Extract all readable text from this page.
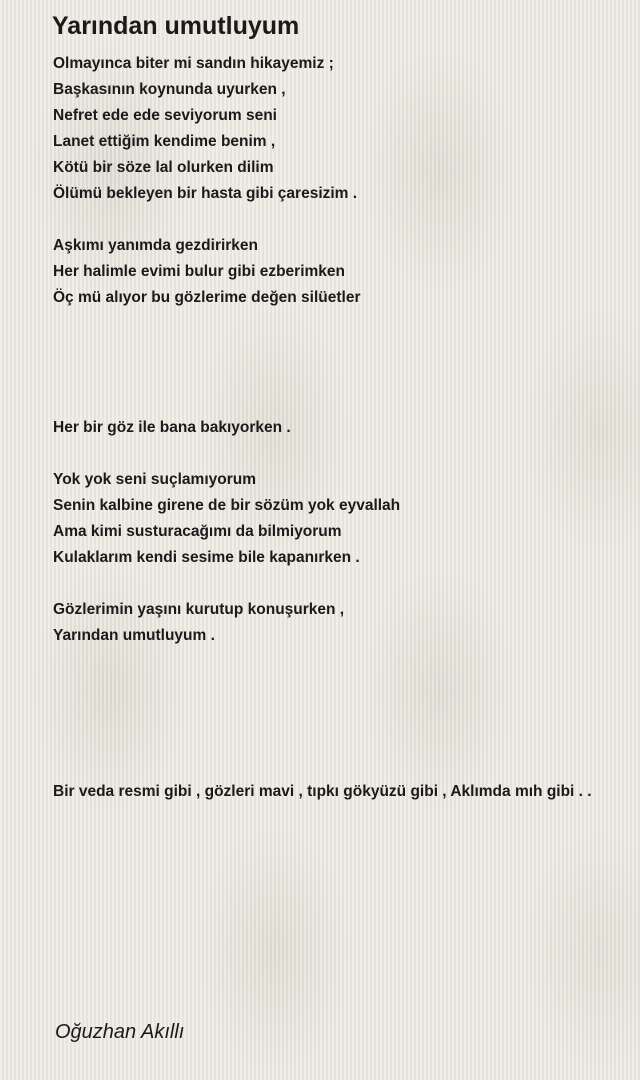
Yarından umutluyum
Olmayınca biter mi sandın hikayemiz ;
Başkasının koynunda uyurken ,
Nefret ede ede seviyorum seni
Lanet ettiğim kendime benim ,
Kötü bir söze lal olurken dilim
Ölümü bekleyen bir hasta gibi çaresizim .
Aşkımı yanımda gezdirirken
Her halimle evimi bulur gibi ezberimken
Öç mü alıyor bu gözlerime değen silüetler
Her bir göz ile bana bakıyorken .
Yok yok seni suçlamıyorum
Senin kalbine girene de bir sözüm yok eyvallah
Ama kimi susturacağımı da bilmiyorum
Kulaklarım kendi sesime bile kapanırken .
Gözlerimin yaşını kurutup konuşurken ,
Yarından umutluyum .
Bir veda resmi gibi , gözleri mavi , tıpkı gökyüzü gibi , Aklımda mıh gibi . .
Oğuzhan Akıllı
